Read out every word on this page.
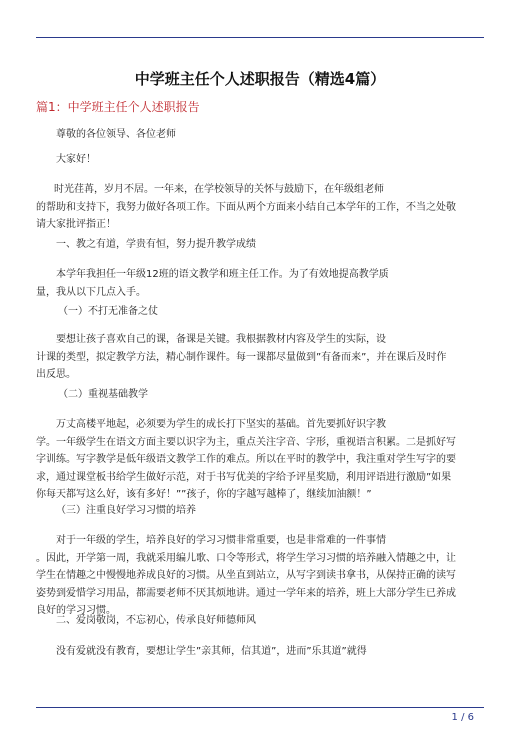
中学班主任个人述职报告（精选4篇）
篇1：中学班主任个人述职报告
尊敬的各位领导、各位老师
大家好！
时光荏苒，岁月不居。一年来，在学校领导的关怀与鼓励下，在年级组老师
的帮助和支持下，我努力做好各项工作。下面从两个方面来小结自己本学年的工作，不当之处敬
请大家批评指正！
一、教之有道，学贵有恒，努力提升教学成绩
本学年我担任一年级12班的语文教学和班主任工作。为了有效地提高教学质
量，我从以下几点入手。
（一）不打无准备之仗
要想让孩子喜欢自己的课，备课是关键。我根据教材内容及学生的实际，设
计课的类型，拟定教学方法，精心制作课件。每一课都尽量做到”有备而来”，并在课后及时作
出反思。
（二）重视基础教学
万丈高楼平地起，必须要为学生的成长打下坚实的基础。首先要抓好识字教
学。一年级学生在语文方面主要以识字为主，重点关注字音、字形，重视语言积累。二是抓好写
字训练。写字教学是低年级语文教学工作的难点。所以在平时的教学中，我注重对学生写字的要
求，通过课堂板书给学生做好示范，对于书写优美的字给予评星奖励，利用评语进行激励”如果
你每天都写这么好，该有多好！””孩子，你的字越写越棒了，继续加油额！”
（三）注重良好学习习惯的培养
对于一年级的学生，培养良好的学习习惯非常重要，也是非常难的一件事情
。因此，开学第一周，我就采用编儿歌、口令等形式，将学生学习习惯的培养融入情趣之中，让
学生在情趣之中慢慢地养成良好的习惯。从坐直到站立，从写字到读书拿书，从保持正确的读写
姿势到爱惜学习用品，都需要老师不厌其烦地讲。通过一学年来的培养，班上大部分学生已养成
良好的学习习惯。
二、爱岗敬岗，不忘初心，传承良好师德师风
没有爱就没有教育，要想让学生”亲其师，信其道”，进而”乐其道”就得
1 / 6
